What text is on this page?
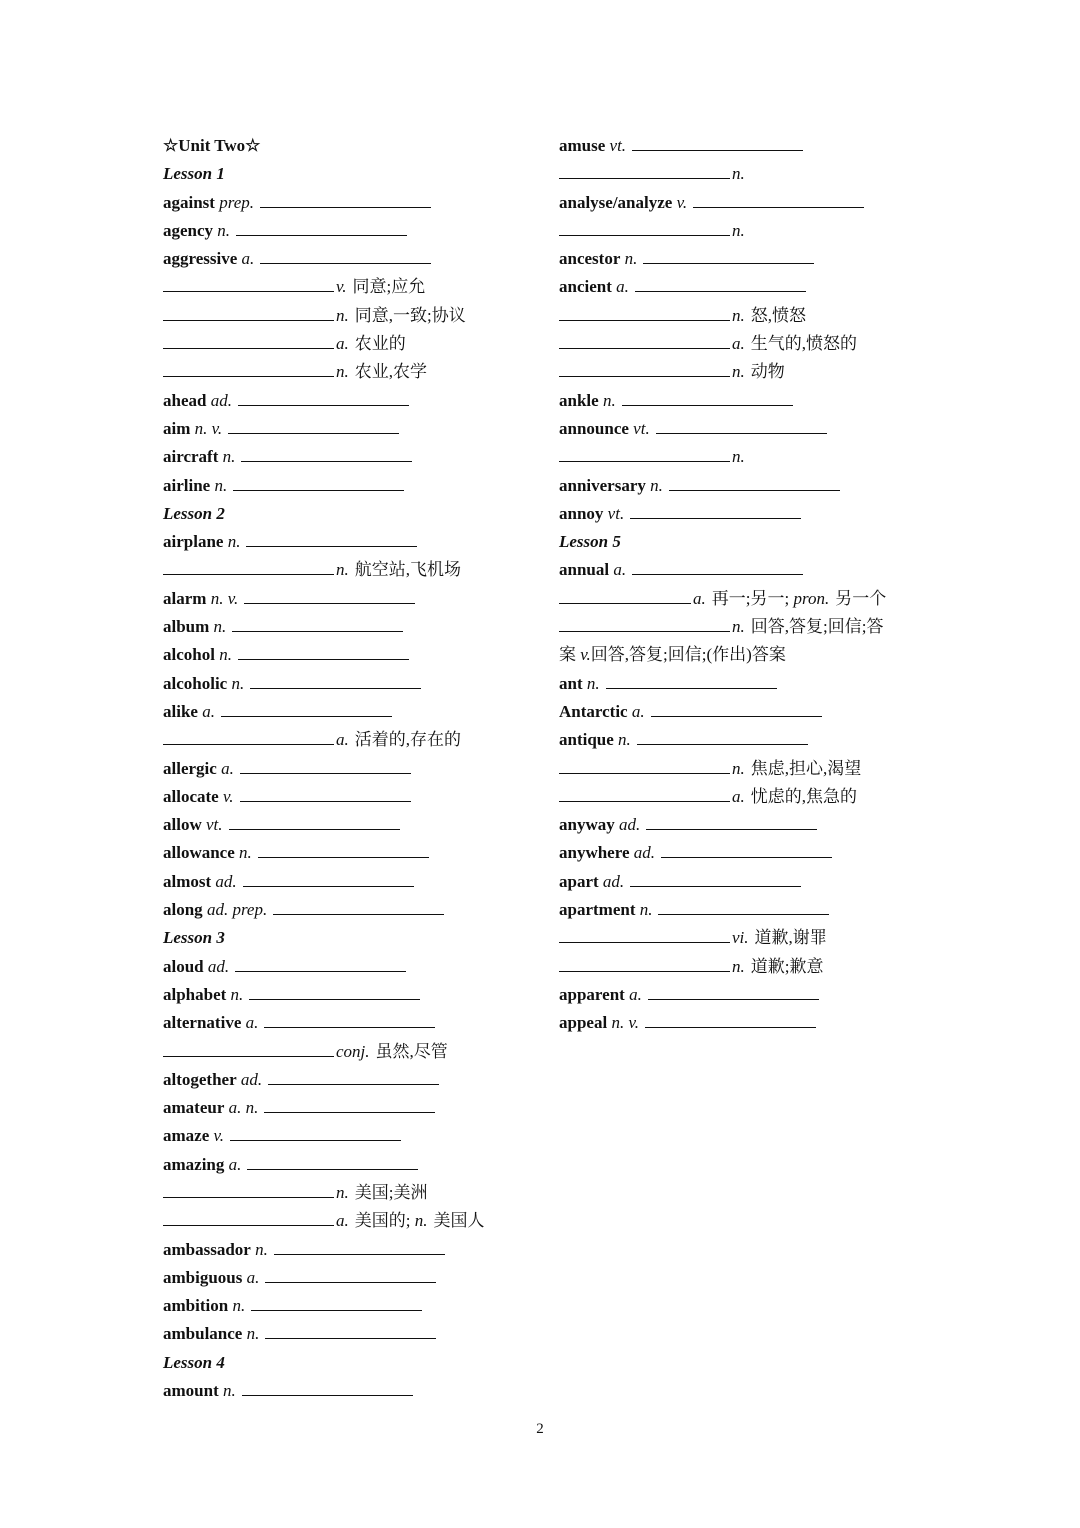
☆Unit Two☆
Lesson 1
against prep.
agency n.
aggressive a.
v. 同意;应允
n. 同意,一致;协议
a. 农业的
n. 农业,农学
ahead ad.
aim n. v.
aircraft n.
airline n.
Lesson 2
airplane n.
n. 航空站,飞机场
alarm n. v.
album n.
alcohol n.
alcoholic n.
alike a.
a. 活着的,存在的
allergic a.
allocate v.
allow vt.
allowance n.
almost ad.
along ad. prep.
Lesson 3
aloud ad.
alphabet n.
alternative a.
conj. 虽然,尽管
altogether ad.
amateur a. n.
amaze v.
amazing a.
n. 美国;美洲
a. 美国的; n. 美国人
ambassador n.
ambiguous a.
ambition n.
ambulance n.
Lesson 4
amount n.
amuse vt.
n.
analyse/analyze v.
n.
ancestor n.
ancient a.
n. 怒,愤怒
a. 生气的,愤怒的
n. 动物
ankle n.
announce vt.
n.
anniversary n.
annoy vt.
Lesson 5
annual a.
a. 再一;另一; pron. 另一个
n. 回答,答复;回信;答
案 v.回答,答复;回信;(作出)答案
ant n.
Antarctic a.
antique n.
n. 焦虑,担心,渴望
a. 忧虑的,焦急的
anyway ad.
anywhere ad.
apart ad.
apartment n.
vi. 道歉,谢罪
n. 道歉;歉意
apparent a.
appeal n. v.
2
